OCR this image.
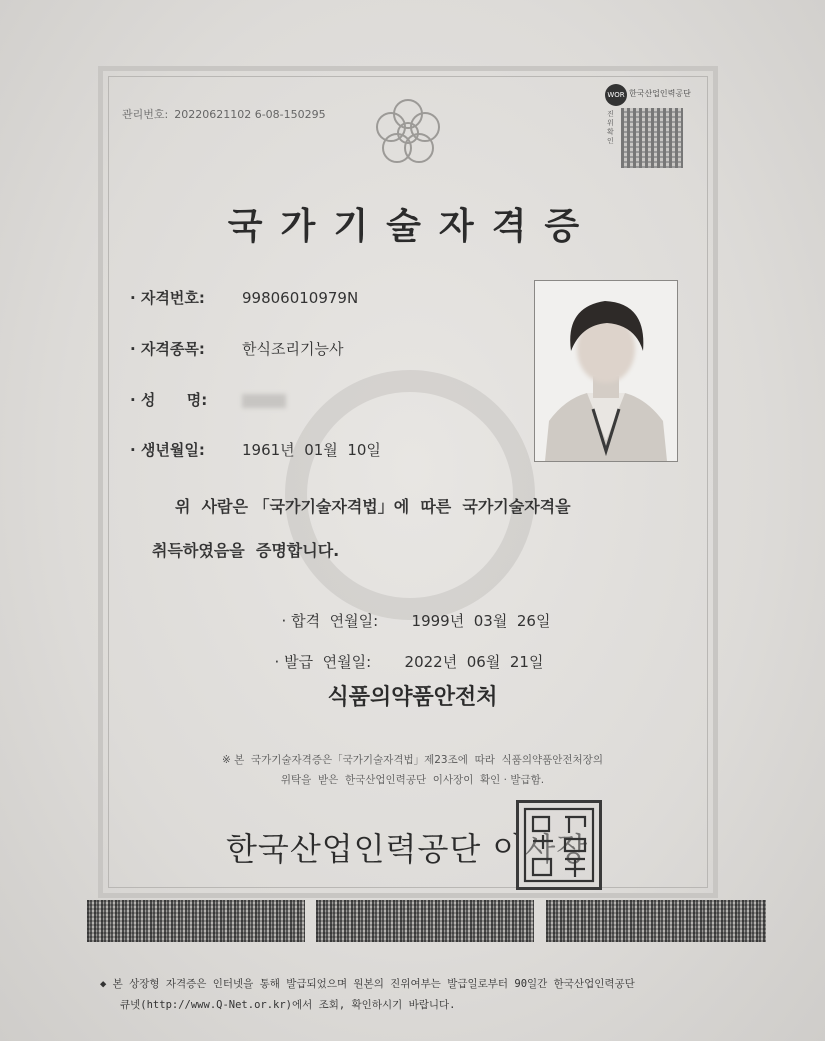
관리번호: 20220621102 6-08-150295
WOR 한국산업인력공단
진위확인
국가기술자격증
· 자격번호: 99806010979N
· 자격종목: 한식조리기능사
· 성      명:
· 생년월일: 1961년  01월  10일
위  사람은 「국가기술자격법」에  따른  국가기술자격을
취득하였음을  증명합니다.

· 합격  연월일: 1999년  03월  26일

· 발급  연월일: 2022년  06월  21일

식품의약품안전처
※ 본  국가기술자격증은「국가기술자격법」제23조에  따라  식품의약품안전처장의
위탁을  받은  한국산업인력공단  이사장이  확인 · 발급함.
한국산업인력공단 이사장
◆ 본 상장형 자격증은 인터넷을 통해 발급되었으며 원본의 진위여부는 발급일로부터 90일간 한국산업인력공단
큐넷(http://www.Q-Net.or.kr)에서 조회, 확인하시기 바랍니다.
